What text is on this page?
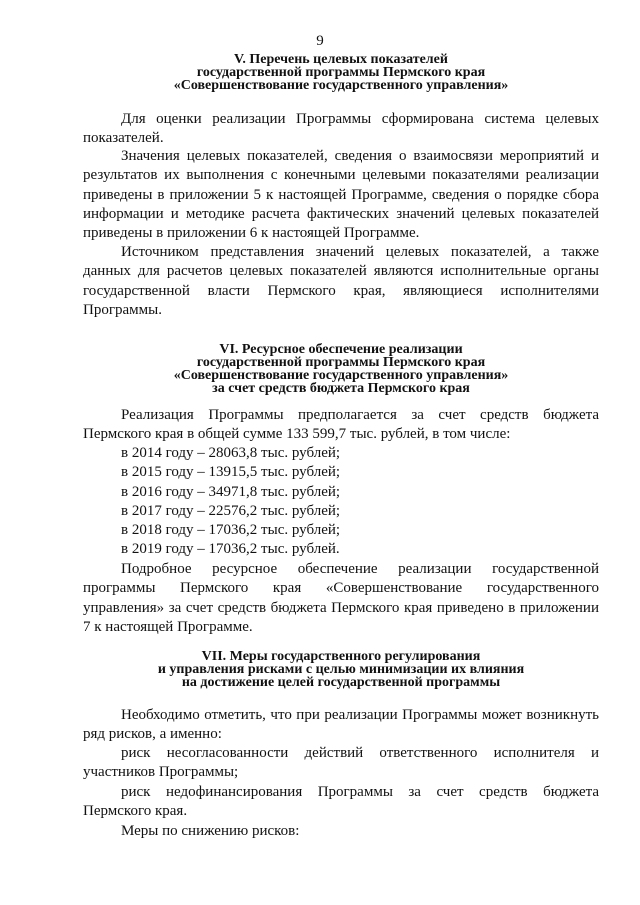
9
V. Перечень целевых показателей
государственной программы Пермского края
«Совершенствование государственного управления»

Для оценки реализации Программы сформирована система целевых показателей.

Значения целевых показателей, сведения о взаимосвязи мероприятий и результатов их выполнения с конечными целевыми показателями реализации приведены в приложении 5 к настоящей Программе, сведения о порядке сбора информации и методике расчета фактических значений целевых показателей приведены в приложении 6 к настоящей Программе.

Источником представления значений целевых показателей, а также данных для расчетов целевых показателей являются исполнительные органы государственной власти Пермского края, являющиеся исполнителями Программы.

VI. Ресурсное обеспечение реализации
государственной программы Пермского края
«Совершенствование государственного управления»
за счет средств бюджета Пермского края

Реализация Программы предполагается за счет средств бюджета Пермского края в общей сумме 133 599,7 тыс. рублей, в том числе:

в 2014 году – 28063,8 тыс. рублей;
в 2015 году – 13915,5 тыс. рублей;
в 2016 году – 34971,8 тыс. рублей;
в 2017 году – 22576,2 тыс. рублей;
в 2018 году – 17036,2 тыс. рублей;
в 2019 году – 17036,2 тыс. рублей.

Подробное ресурсное обеспечение реализации государственной программы Пермского края «Совершенствование государственного управления» за счет средств бюджета Пермского края приведено в приложении 7 к настоящей Программе.

VII. Меры государственного регулирования
и управления рисками с целью минимизации их влияния
на достижение целей государственной программы

Необходимо отметить, что при реализации Программы может возникнуть ряд рисков, а именно:

риск несогласованности действий ответственного исполнителя и участников Программы;

риск недофинансирования Программы за счет средств бюджета Пермского края.

Меры по снижению рисков:
